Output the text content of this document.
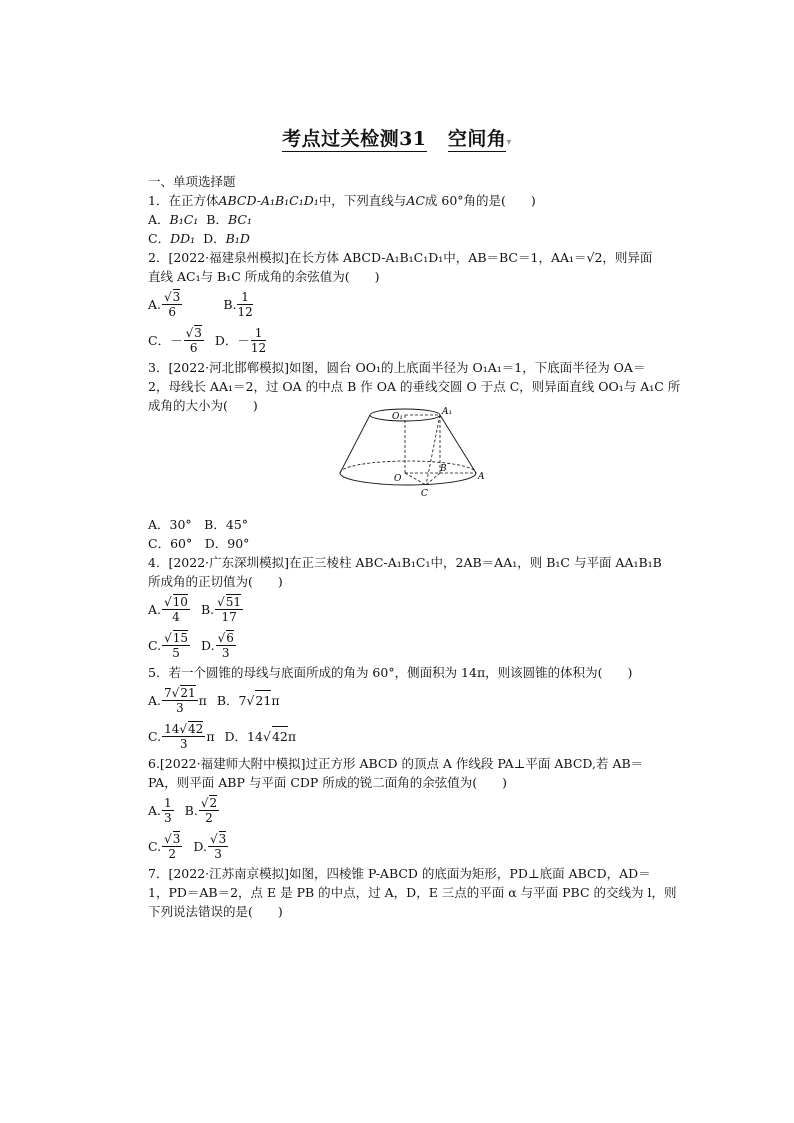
考点过关检测31 空间角▾
一、单项选择题
1．在正方体ABCD-A₁B₁C₁D₁中，下列直线与AC成 60°角的是(　　)
A．B₁C₁ B．BC₁
C．DD₁ D．B₁D
2．[2022·福建泉州模拟]在长方体 ABCD-A₁B₁C₁D₁中，AB＝BC＝1，AA₁＝√2，则异面
直线 AC₁与 B₁C 所成角的余弦值为(　　)
A. $\frac{√3}{6}$	B. $\frac{1}{12}$
C．－ $\frac{√3}{6}$ D．－ $\frac{1}{12}$
3．[2022·河北邯郸模拟]如图，圆台 OO₁的上底面半径为 O₁A₁＝1，下底面半径为 OA＝
2，母线长 AA₁＝2，过 OA 的中点 B 作 OA 的垂线交圆 O 于点 C，则异面直线 OO₁与 A₁C 所
成角的大小为(　　)
A．30°　B．45°
C．60°　D．90°
4．[2022·广东深圳模拟]在正三棱柱 ABC-A₁B₁C₁中，2AB＝AA₁，则 B₁C 与平面 AA₁B₁B
所成角的正切值为(　　)
A. $\frac{√10}{4} B$. $\frac{√51}{17}$
C. $\frac{√15}{5} D$. $\frac{√6}{3}$
5．若一个圆锥的母线与底面所成的角为 60°，侧面积为 14π，则该圆锥的体积为(　　)
A. $\frac{7√21}{3}$ π B．7 √ 21 π
C. $\frac{14√42}{3}$ π D．14 √ 42 π
6.[2022·福建师大附中模拟]过正方形 ABCD 的顶点 A 作线段 PA⊥平面 ABCD,若 AB＝
PA，则平面 ABP 与平面 CDP 所成的锐二面角的余弦值为(　　)
A. $\frac{1}{3} B$. $\frac{√2}{2}$
C. $\frac{√3}{2} D$. $\frac{√3}{3}$
7．[2022·江苏南京模拟]如图，四棱锥 P-ABCD 的底面为矩形，PD⊥底面 ABCD，AD＝
1，PD＝AB＝2，点 E 是 PB 的中点，过 A，D，E 三点的平面 α 与平面 PBC 的交线为 l，则
下列说法错误的是(　　)
O₁	A₁
O
B
A
C
